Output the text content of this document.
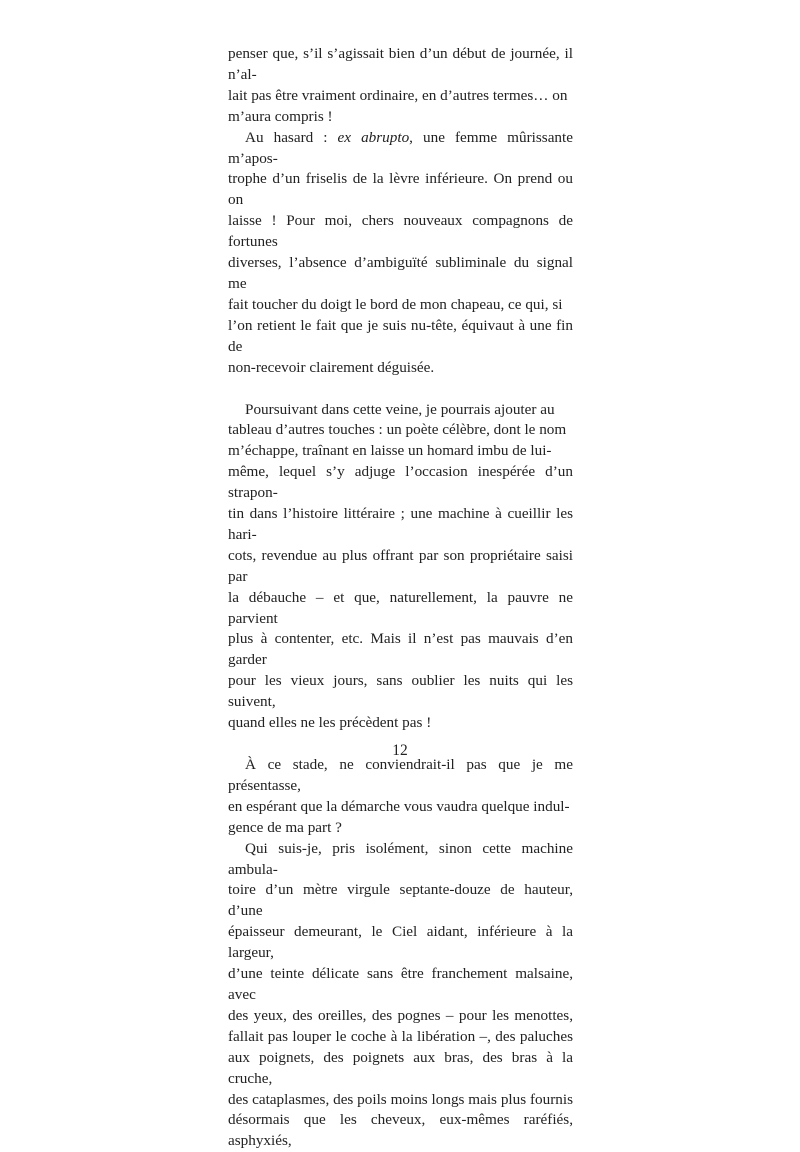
penser que, s’il s’agissait bien d’un début de journée, il n’al-
lait pas être vraiment ordinaire, en d’autres termes… on
m’aura compris !

Au hasard : ex abrupto, une femme mûrissante m’apos-
trophe d’un friselis de la lèvre inférieure. On prend ou on
laisse ! Pour moi, chers nouveaux compagnons de fortunes
diverses, l’absence d’ambiguïté subliminale du signal me
fait toucher du doigt le bord de mon chapeau, ce qui, si
l’on retient le fait que je suis nu-tête, équivaut à une fin de
non-recevoir clairement déguisée.

Poursuivant dans cette veine, je pourrais ajouter au
tableau d’autres touches : un poète célèbre, dont le nom
m’échappe, traînant en laisse un homard imbu de lui-
même, lequel s’y adjuge l’occasion inespérée d’un strapon-
tin dans l’histoire littéraire ; une machine à cueillir les hari-
cots, revendue au plus offrant par son propriétaire saisi par
la débauche – et que, naturellement, la pauvre ne parvient
plus à contenter, etc. Mais il n’est pas mauvais d’en garder
pour les vieux jours, sans oublier les nuits qui les suivent,
quand elles ne les précèdent pas !

À ce stade, ne conviendrait-il pas que je me présentasse,
en espérant que la démarche vous vaudra quelque indul-
gence de ma part ?

Qui suis-je, pris isolément, sinon cette machine ambula-
toire d’un mètre virgule septante-douze de hauteur, d’une
épaisseur demeurant, le Ciel aidant, inférieure à la largeur,
d’une teinte délicate sans être franchement malsaine, avec
des yeux, des oreilles, des pognes – pour les menottes,
fallait pas louper le coche à la libération –, des paluches
aux poignets, des poignets aux bras, des bras à la cruche,
des cataplasmes, des poils moins longs mais plus fournis
désormais que les cheveux, eux-mêmes raréfiés, asphyxiés,

12
